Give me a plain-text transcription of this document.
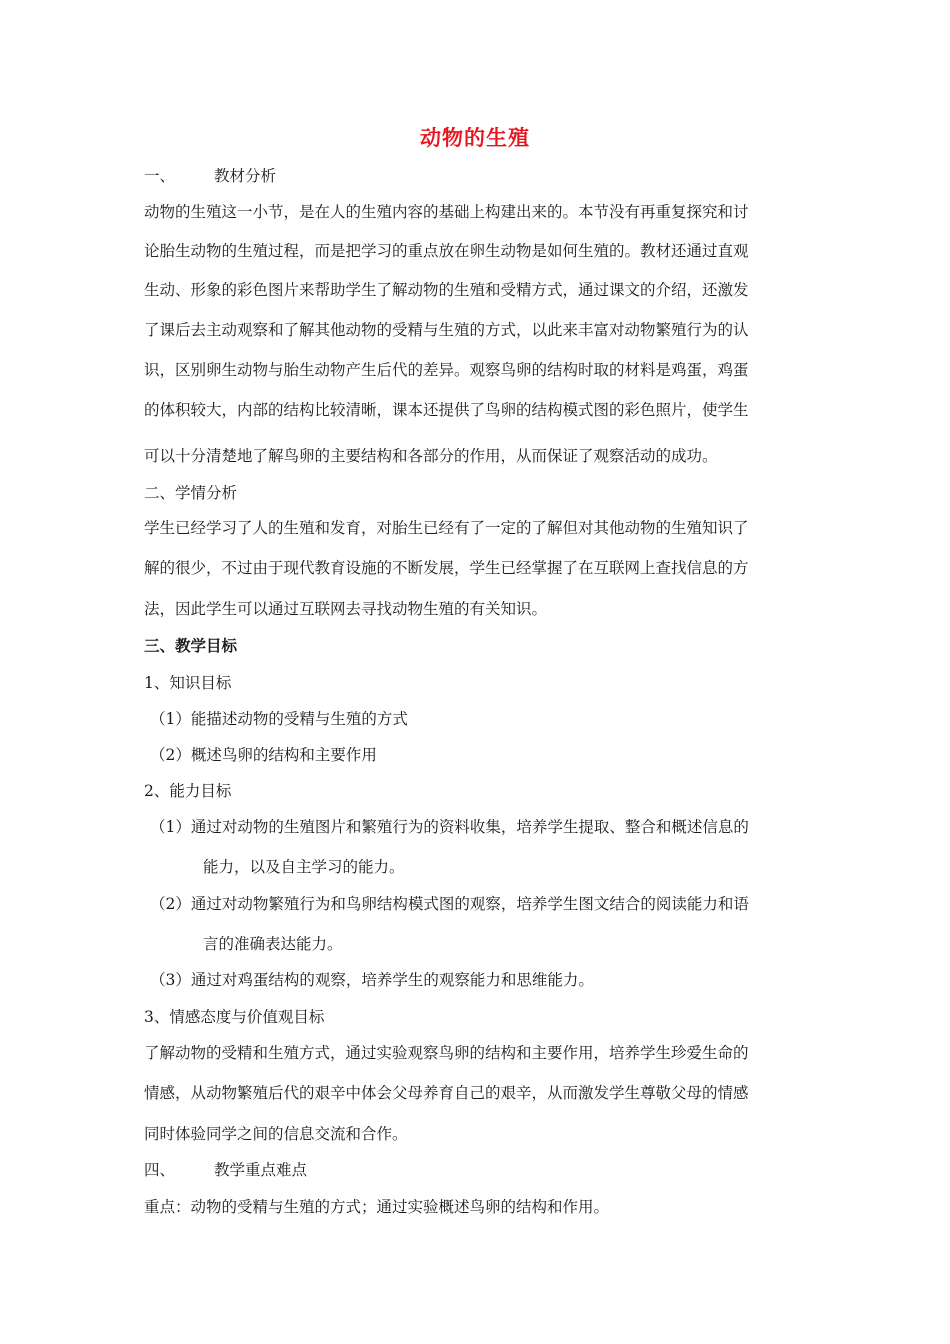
动物的生殖
一、	教材分析
动物的生殖这一小节，是在人的生殖内容的基础上构建出来的。本节没有再重复探究和讨
论胎生动物的生殖过程，而是把学习的重点放在卵生动物是如何生殖的。教材还通过直观
生动、形象的彩色图片来帮助学生了解动物的生殖和受精方式，通过课文的介绍，还激发
了课后去主动观察和了解其他动物的受精与生殖的方式，以此来丰富对动物繁殖行为的认
识，区别卵生动物与胎生动物产生后代的差异。观察鸟卵的结构时取的材料是鸡蛋，鸡蛋
的体积较大，内部的结构比较清晰，课本还提供了鸟卵的结构模式图的彩色照片，使学生
可以十分清楚地了解鸟卵的主要结构和各部分的作用，从而保证了观察活动的成功。
二、学情分析
学生已经学习了人的生殖和发育，对胎生已经有了一定的了解但对其他动物的生殖知识了
解的很少，不过由于现代教育设施的不断发展，学生已经掌握了在互联网上查找信息的方
法，因此学生可以通过互联网去寻找动物生殖的有关知识。
三、教学目标
1、知识目标
（1）能描述动物的受精与生殖的方式
（2）概述鸟卵的结构和主要作用
2、能力目标
（1）通过对动物的生殖图片和繁殖行为的资料收集，培养学生提取、整合和概述信息的
能力，以及自主学习的能力。
（2）通过对动物繁殖行为和鸟卵结构模式图的观察，培养学生图文结合的阅读能力和语
言的准确表达能力。
（3）通过对鸡蛋结构的观察，培养学生的观察能力和思维能力。
3、情感态度与价值观目标
了解动物的受精和生殖方式，通过实验观察鸟卵的结构和主要作用，培养学生珍爱生命的
情感，从动物繁殖后代的艰辛中体会父母养育自己的艰辛，从而激发学生尊敬父母的情感
同时体验同学之间的信息交流和合作。
四、	教学重点难点
重点：动物的受精与生殖的方式；通过实验概述鸟卵的结构和作用。
